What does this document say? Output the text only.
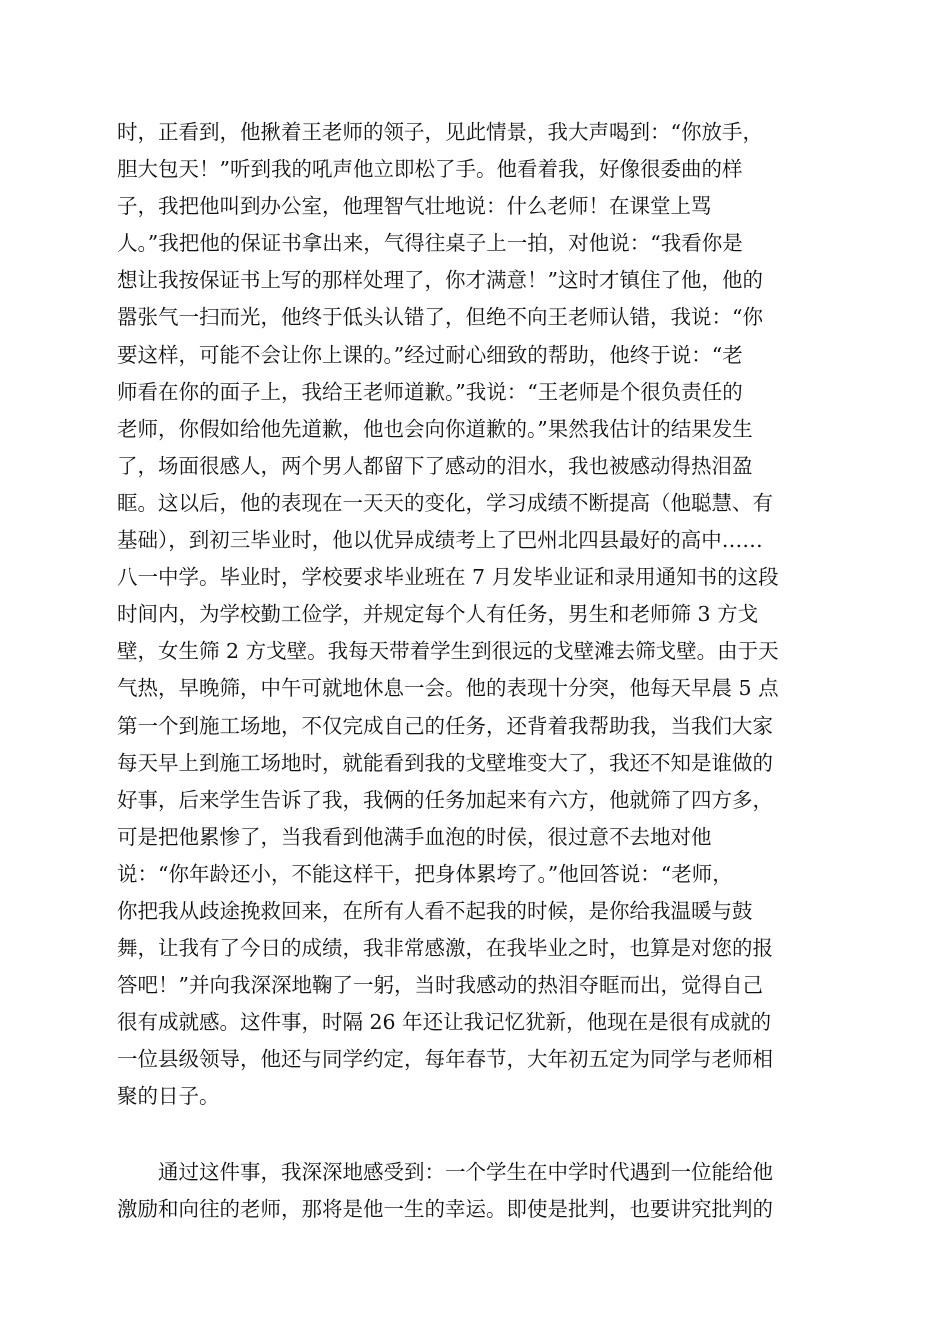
时，正看到，他揪着王老师的领子，见此情景，我大声喝到：“你放手，
胆大包天！”听到我的吼声他立即松了手。他看着我，好像很委曲的样
子，我把他叫到办公室，他理智气壮地说：什么老师！在课堂上骂
人。”我把他的保证书拿出来，气得往桌子上一拍，对他说：“我看你是
想让我按保证书上写的那样处理了，你才满意！”这时才镇住了他，他的
嚣张气一扫而光，他终于低头认错了，但绝不向王老师认错，我说：“你
要这样，可能不会让你上课的。”经过耐心细致的帮助，他终于说：“老
师看在你的面子上，我给王老师道歉。”我说：“王老师是个很负责任的
老师，你假如给他先道歉，他也会向你道歉的。”果然我估计的结果发生
了，场面很感人，两个男人都留下了感动的泪水，我也被感动得热泪盈
眶。这以后，他的表现在一天天的变化，学习成绩不断提高（他聪慧、有
基础），到初三毕业时，他以优异成绩考上了巴州北四县最好的高中……
八一中学。毕业时，学校要求毕业班在 7 月发毕业证和录用通知书的这段
时间内，为学校勤工俭学，并规定每个人有任务，男生和老师筛 3 方戈
壁，女生筛 2 方戈壁。我每天带着学生到很远的戈壁滩去筛戈壁。由于天
气热，早晚筛，中午可就地休息一会。他的表现十分突，他每天早晨 5 点
第一个到施工场地，不仅完成自己的任务，还背着我帮助我，当我们大家
每天早上到施工场地时，就能看到我的戈壁堆变大了，我还不知是谁做的
好事，后来学生告诉了我，我俩的任务加起来有六方，他就筛了四方多，
可是把他累惨了，当我看到他满手血泡的时侯，很过意不去地对他
说：“你年龄还小，不能这样干，把身体累垮了。”他回答说：“老师，
你把我从歧途挽救回来，在所有人看不起我的时候，是你给我温暖与鼓
舞，让我有了今日的成绩，我非常感激，在我毕业之时，也算是对您的报
答吧！”并向我深深地鞠了一躬，当时我感动的热泪夺眶而出，觉得自己
很有成就感。这件事，时隔 26 年还让我记忆犹新，他现在是很有成就的
一位县级领导，他还与同学约定，每年春节，大年初五定为同学与老师相
聚的日子。
通过这件事，我深深地感受到：一个学生在中学时代遇到一位能给他
激励和向往的老师，那将是他一生的幸运。即使是批判，也要讲究批判的
